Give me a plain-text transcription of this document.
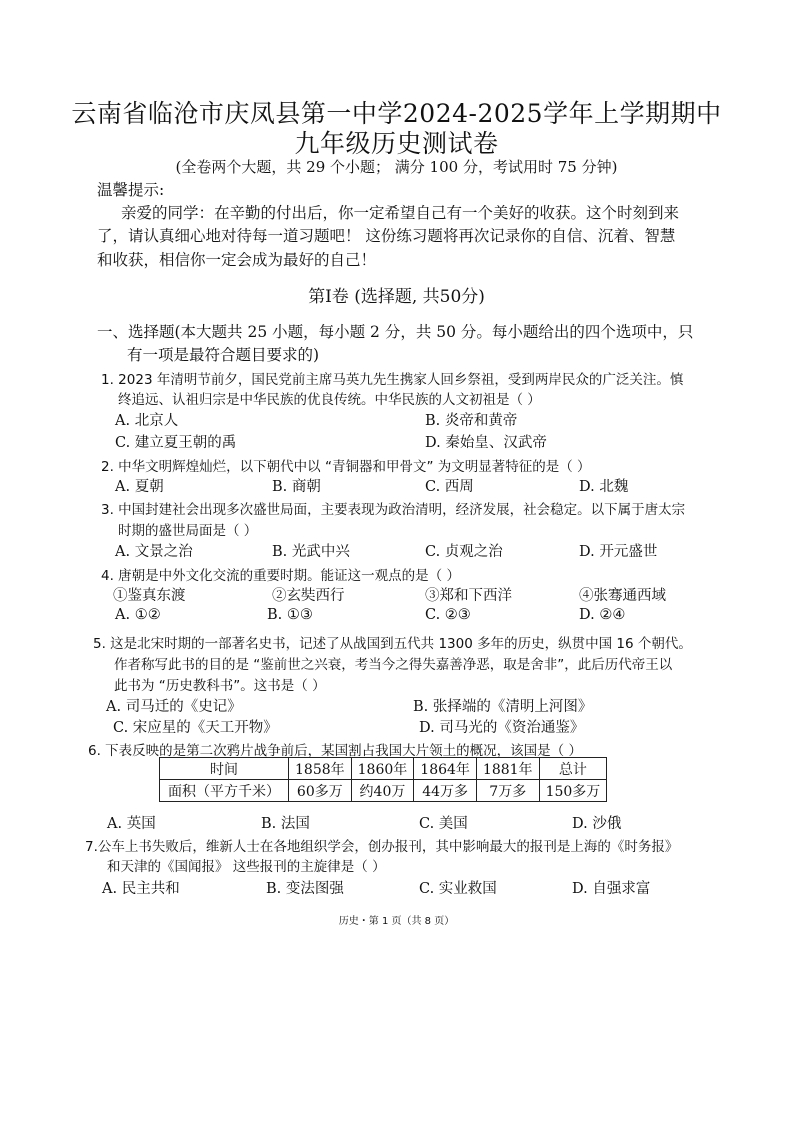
云南省临沧市庆凤县第一中学2024-2025学年上学期期中
九年级历史测试卷
(全卷两个大题，共 29 个小题； 满分 100 分，考试用时 75 分钟)
温馨提示:
亲爱的同学：在辛勤的付出后，你一定希望自己有一个美好的收获。这个时刻到来
了，请认真细心地对待每一道习题吧！ 这份练习题将再次记录你的自信、沉着、智慧
和收获，相信你一定会成为最好的自己！
第Ⅰ卷 (选择题, 共50分)
一、选择题(本大题共 25 小题，每小题 2 分，共 50 分。每小题给出的四个选项中，只
有一项是最符合题目要求的)
1. 2023 年清明节前夕，国民党前主席马英九先生携家人回乡祭祖，受到两岸民众的广泛关注。慎
终追远、认祖归宗是中华民族的优良传统。中华民族的人文初祖是（ ）
A. 北京人	B. 炎帝和黄帝
C. 建立夏王朝的禹	D. 秦始皇、汉武帝
2. 中华文明辉煌灿烂，以下朝代中以 “青铜器和甲骨文” 为文明显著特征的是（ ）
A. 夏朝	B. 商朝	C. 西周	D. 北魏
3. 中国封建社会出现多次盛世局面，主要表现为政治清明，经济发展，社会稳定。以下属于唐太宗
时期的盛世局面是（ ）
A. 文景之治	B. 光武中兴	C. 贞观之治	D. 开元盛世
4. 唐朝是中外文化交流的重要时期。能证这一观点的是（ ）
①鉴真东渡	②玄奘西行	③郑和下西洋	④张骞通西域
A. ①②	B. ①③	C. ②③	D. ②④
5. 这是北宋时期的一部著名史书，记述了从战国到五代共 1300 多年的历史，纵贯中国 16 个朝代。
作者称写此书的目的是 “鉴前世之兴衰，考当今之得失嘉善净恶，取是舍非”，此后历代帝王以
此书为 “历史教科书”。这书是（ ）
A. 司马迁的《史记》	B. 张择端的《清明上河图》
C. 宋应星的《天工开物》	D. 司马光的《资治通鉴》
6. 下表反映的是第二次鸦片战争前后，某国割占我国大片领土的概况，该国是（ ）
时间	1858年	1860年	1864年	1881年	总计
面积（平方千米）	60多万	约40万	44万多	7万多	150多万
A. 英国	B. 法国	C. 美国	D. 沙俄
7.公车上书失败后，维新人士在各地组织学会，创办报刊，其中影响最大的报刊是上海的《时务报》
和天津的《国闻报》 这些报刊的主旋律是（ ）
A. 民主共和	B. 变法图强	C. 实业救国	D. 自强求富
历史・第 1 页（共 8 页）
